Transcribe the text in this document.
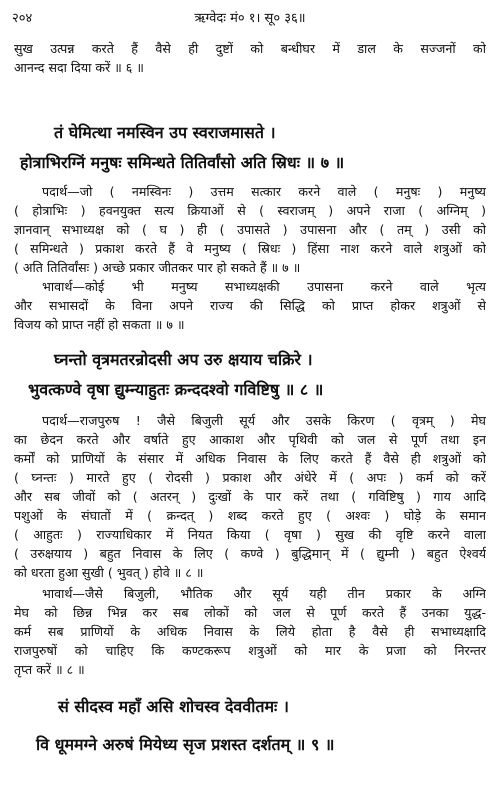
२०४	ऋग्वेदः मं० १। सू० ३६॥
सुख उत्पन्न करते हैं वैसे ही दुष्टों को बन्धीघर में डाल के सज्जनों को
आनन्द सदा दिया करें ॥ ६ ॥
तं घेमित्था नमस्विन उप स्वराजमासते ।
होत्राभिरग्निं मनुषः समिन्धते तितिर्वांसो अति स्रिधः ॥ ७ ॥
पदार्थ—जो ( नमस्विनः ) उत्तम सत्कार करने वाले ( मनुषः ) मनुष्य
( होत्राभिः ) हवनयुक्त सत्य क्रियाओं से ( स्वराजम् ) अपने राजा ( अग्निम् )
ज्ञानवान् सभाध्यक्ष को ( घ ) ही ( उपासते ) उपासना और ( तम् ) उसी को
( समिन्धते ) प्रकाश करते हैं वे मनुष्य ( स्रिधः ) हिंसा नाश करने वाले शत्रुओं को
( अति तितिर्वांसः ) अच्छे प्रकार जीतकर पार हो सकते हैं ॥ ७ ॥
भावार्थ—कोई भी मनुष्य सभाध्यक्षकी उपासना करने वाले भृत्य
और सभासदों के विना अपने राज्य की सिद्धि को प्राप्त होकर शत्रुओं से
विजय को प्राप्त नहीं हो सकता ॥ ७ ॥
घ्नन्तो वृत्रमतरन्रोदसी अप उरु क्षयाय चक्रिरे ।
भुवत्कण्वे वृषा द्युम्न्याहुतः क्रन्ददश्वो गविष्टिषु ॥ ८ ॥
पदार्थ—राजपुरुष ! जैसे बिजुली सूर्य और उसके किरण ( वृत्रम् ) मेघ
का छेदन करते और वर्षाते हुए आकाश और पृथिवी को जल से पूर्ण तथा इन
कर्मों को प्राणियों के संसार में अधिक निवास के लिए करते हैं वैसे ही शत्रुओं को
( घ्नन्तः ) मारते हुए ( रोदसी ) प्रकाश और अंधेरे में ( अपः ) कर्म को करें
और सब जीवों को ( अतरन् ) दुःखों के पार करें तथा ( गविष्टिषु ) गाय आदि
पशुओं के संघातों में ( क्रन्दत् ) शब्द करते हुए ( अश्वः ) घोड़े के समान
( आहुतः ) राज्याधिकार में नियत किया ( वृषा ) सुख की वृष्टि करने वाला
( उरुक्षयाय ) बहुत निवास के लिए ( कण्वे ) बुद्धिमान् में ( द्युम्नी ) बहुत ऐश्वर्य
को धरता हुआ सुखी ( भुवत् ) होवे ॥ ८ ॥
भावार्थ—जैसे बिजुली, भौतिक और सूर्य यही तीन प्रकार के अग्नि
मेघ को छिन्न भिन्न कर सब लोकों को जल से पूर्ण करते हैं उनका युद्ध-
कर्म सब प्राणियों के अधिक निवास के लिये होता है वैसे ही सभाध्यक्षादि
राजपुरुषों को चाहिए कि कण्टकरूप शत्रुओं को मार के प्रजा को निरन्तर
तृप्त करें ॥ ८ ॥
सं सीदस्व महाँ असि शोचस्व देववीतमः ।
वि धूममग्ने अरुषं मियेध्य सृज प्रशस्त दर्शतम् ॥ ९ ॥
